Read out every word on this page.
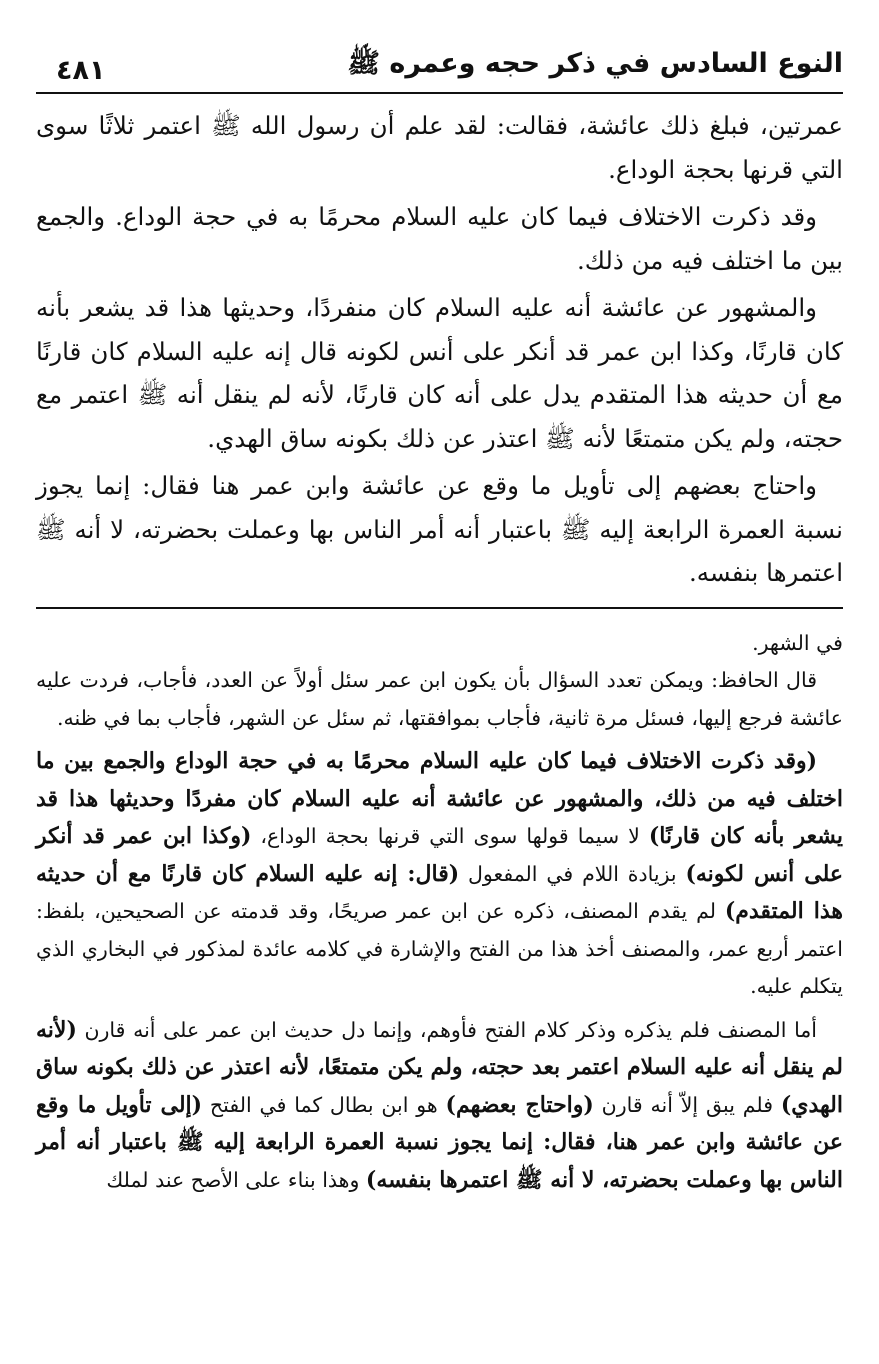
النوع السادس في ذكر حجه وعمره ﷺ
٤٨١

عمرتين، فبلغ ذلك عائشة، فقالت: لقد علم أن رسول الله ﷺ اعتمر ثلاثًا سوى التي قرنها بحجة الوداع.

وقد ذكرت الاختلاف فيما كان عليه السلام محرمًا به في حجة الوداع. والجمع بين ما اختلف فيه من ذلك.

والمشهور عن عائشة أنه عليه السلام كان منفردًا، وحديثها هذا قد يشعر بأنه كان قارنًا، وكذا ابن عمر قد أنكر على أنس لكونه قال إنه عليه السلام كان قارنًا مع أن حديثه هذا المتقدم يدل على أنه كان قارنًا، لأنه لم ينقل أنه ﷺ اعتمر مع حجته، ولم يكن متمتعًا لأنه ﷺ اعتذر عن ذلك بكونه ساق الهدي.

واحتاج بعضهم إلى تأويل ما وقع عن عائشة وابن عمر هنا فقال: إنما يجوز نسبة العمرة الرابعة إليه ﷺ باعتبار أنه أمر الناس بها وعملت بحضرته، لا أنه ﷺ اعتمرها بنفسه.

في الشهر.

قال الحافظ: ويمكن تعدد السؤال بأن يكون ابن عمر سئل أولاً عن العدد، فأجاب، فردت عليه عائشة فرجع إليها، فسئل مرة ثانية، فأجاب بموافقتها، ثم سئل عن الشهر، فأجاب بما في ظنه.

(وقد ذكرت الاختلاف فيما كان عليه السلام محرمًا به في حجة الوداع والجمع بين ما اختلف فيه من ذلك، والمشهور عن عائشة أنه عليه السلام كان مفردًا وحديثها هذا قد يشعر بأنه كان قارنًا) لا سيما قولها سوى التي قرنها بحجة الوداع، (وكذا ابن عمر قد أنكر على أنس لكونه) بزيادة اللام في المفعول (قال: إنه عليه السلام كان قارنًا مع أن حديثه هذا المتقدم) لم يقدم المصنف، ذكره عن ابن عمر صريحًا، وقد قدمته عن الصحيحين، بلفظ: اعتمر أربع عمر، والمصنف أخذ هذا من الفتح والإشارة في كلامه عائدة لمذكور في البخاري الذي يتكلم عليه.

أما المصنف فلم يذكره وذكر كلام الفتح فأوهم، وإنما دل حديث ابن عمر على أنه قارن (لأنه لم ينقل أنه عليه السلام اعتمر بعد حجته، ولم يكن متمتعًا، لأنه اعتذر عن ذلك بكونه ساق الهدي) فلم يبق إلاّ أنه قارن (واحتاج بعضهم) هو ابن بطال كما في الفتح (إلى تأويل ما وقع عن عائشة وابن عمر هنا، فقال: إنما يجوز نسبة العمرة الرابعة إليه ﷺ باعتبار أنه أمر الناس بها وعملت بحضرته، لا أنه ﷺ اعتمرها بنفسه) وهذا بناء على الأصح عند لملك
